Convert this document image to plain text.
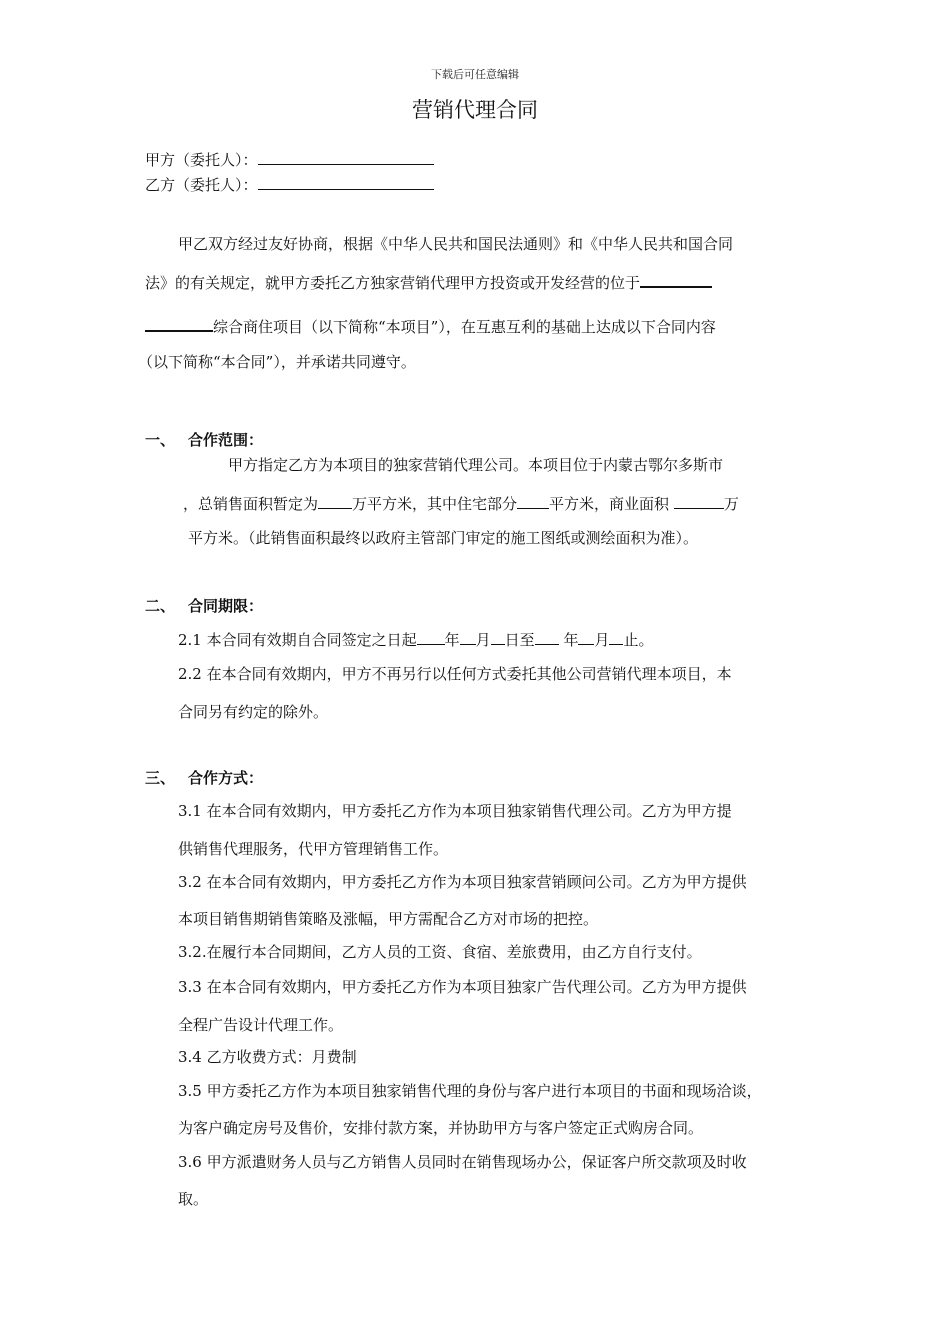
下载后可任意编辑
营销代理合同
甲方（委托人）：
乙方（委托人）：
甲乙双方经过友好协商，根据《中华人民共和国民法通则》和《中华人民共和国合同
法》的有关规定，就甲方委托乙方独家营销代理甲方投资或开发经营的位于
综合商住项目（以下简称“本项目”），在互惠互利的基础上达成以下合同内容
（以下简称“本合同”），并承诺共同遵守。
一、 合作范围：
甲方指定乙方为本项目的独家营销代理公司。本项目位于内蒙古鄂尔多斯市
，总销售面积暂定为 万平方米，其中住宅部分 平方米，商业面积	万
平方米。（此销售面积最终以政府主管部门审定的施工图纸或测绘面积为准）。
二、 合同期限：
2.1 本合同有效期自合同签定之日起 年 月 日至 年 月 止。
2.2 在本合同有效期内，甲方不再另行以任何方式委托其他公司营销代理本项目，本
合同另有约定的除外。
三、 合作方式：
3.1 在本合同有效期内，甲方委托乙方作为本项目独家销售代理公司。乙方为甲方提
供销售代理服务，代甲方管理销售工作。
3.2 在本合同有效期内，甲方委托乙方作为本项目独家营销顾问公司。乙方为甲方提供
本项目销售期销售策略及涨幅，甲方需配合乙方对市场的把控。
3.2.在履行本合同期间，乙方人员的工资、食宿、差旅费用，由乙方自行支付。
3.3 在本合同有效期内，甲方委托乙方作为本项目独家广告代理公司。乙方为甲方提供
全程广告设计代理工作。
3.4 乙方收费方式：月费制
3.5 甲方委托乙方作为本项目独家销售代理的身份与客户进行本项目的书面和现场洽谈，
为客户确定房号及售价，安排付款方案，并协助甲方与客户签定正式购房合同。
3.6 甲方派遣财务人员与乙方销售人员同时在销售现场办公，保证客户所交款项及时收
取。
